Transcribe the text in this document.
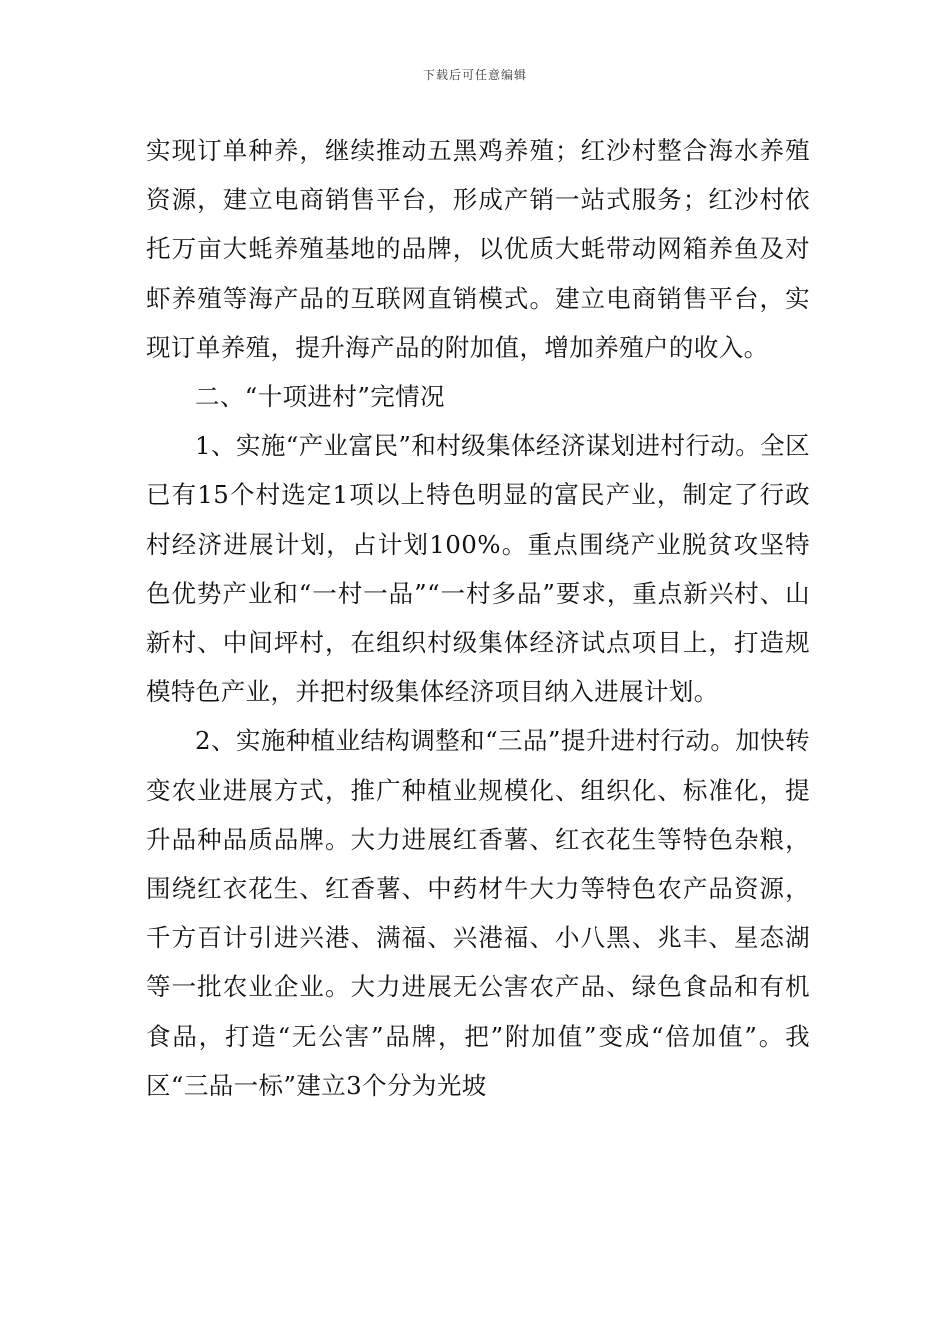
下载后可任意编辑

实现订单种养，继续推动五黑鸡养殖；红沙村整合海水养殖资源，建立电商销售平台，形成产销一站式服务；红沙村依托万亩大蚝养殖基地的品牌，以优质大蚝带动网箱养鱼及对虾养殖等海产品的互联网直销模式。建立电商销售平台，实现订单养殖，提升海产品的附加值，增加养殖户的收入。

二、“十项进村”完情况

1、实施“产业富民”和村级集体经济谋划进村行动。全区已有15个村选定1项以上特色明显的富民产业，制定了行政村经济进展计划，占计划100%。重点围绕产业脱贫攻坚特色优势产业和“一村一品”“一村多品”要求，重点新兴村、山新村、中间坪村，在组织村级集体经济试点项目上，打造规模特色产业，并把村级集体经济项目纳入进展计划。

2、实施种植业结构调整和“三品”提升进村行动。加快转变农业进展方式，推广种植业规模化、组织化、标准化，提升品种品质品牌。大力进展红香薯、红衣花生等特色杂粮，围绕红衣花生、红香薯、中药材牛大力等特色农产品资源，千方百计引进兴港、满福、兴港福、小八黑、兆丰、星态湖等一批农业企业。大力进展无公害农产品、绿色食品和有机食品，打造“无公害”品牌，把”附加值”变成“倍加值”。我区“三品一标”建立3个分为光坡
